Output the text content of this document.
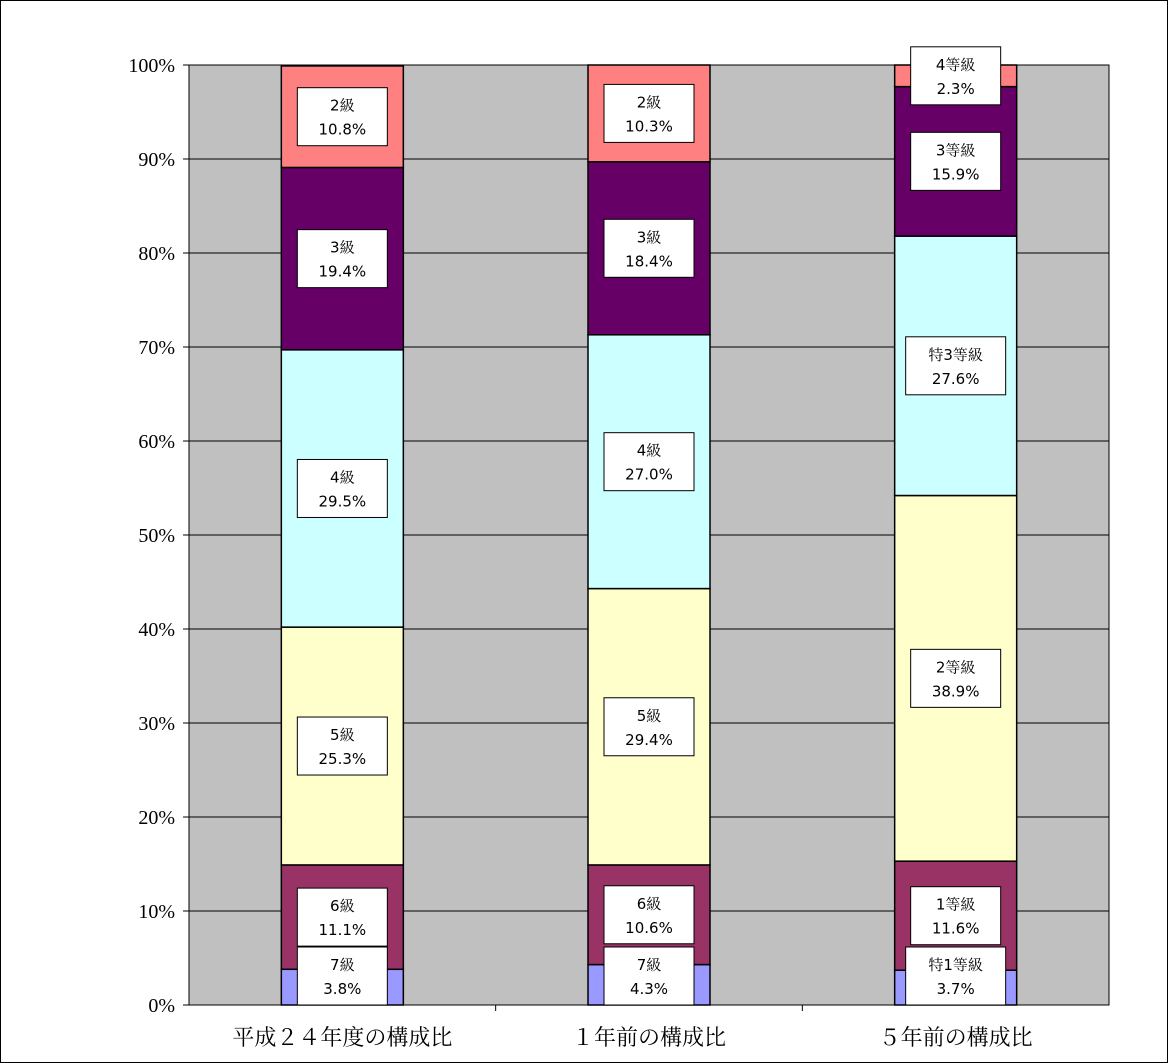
0%
10%
20%
30%
40%
50%
60%
70%
80%
90%
100%
7級
3.8%
6級
11.1%
5級
25.3%
4級
29.5%
3級
19.4%
2級
10.8%
7級
4.3%
6級
10.6%
5級
29.4%
4級
27.0%
3級
18.4%
2級
10.3%
特1等級
3.7%
1等級
11.6%
2等級
38.9%
特3等級
27.6%
3等級
15.9%
4等級
2.3%
平成２４年度の構成比	１年前の構成比	５年前の構成比
